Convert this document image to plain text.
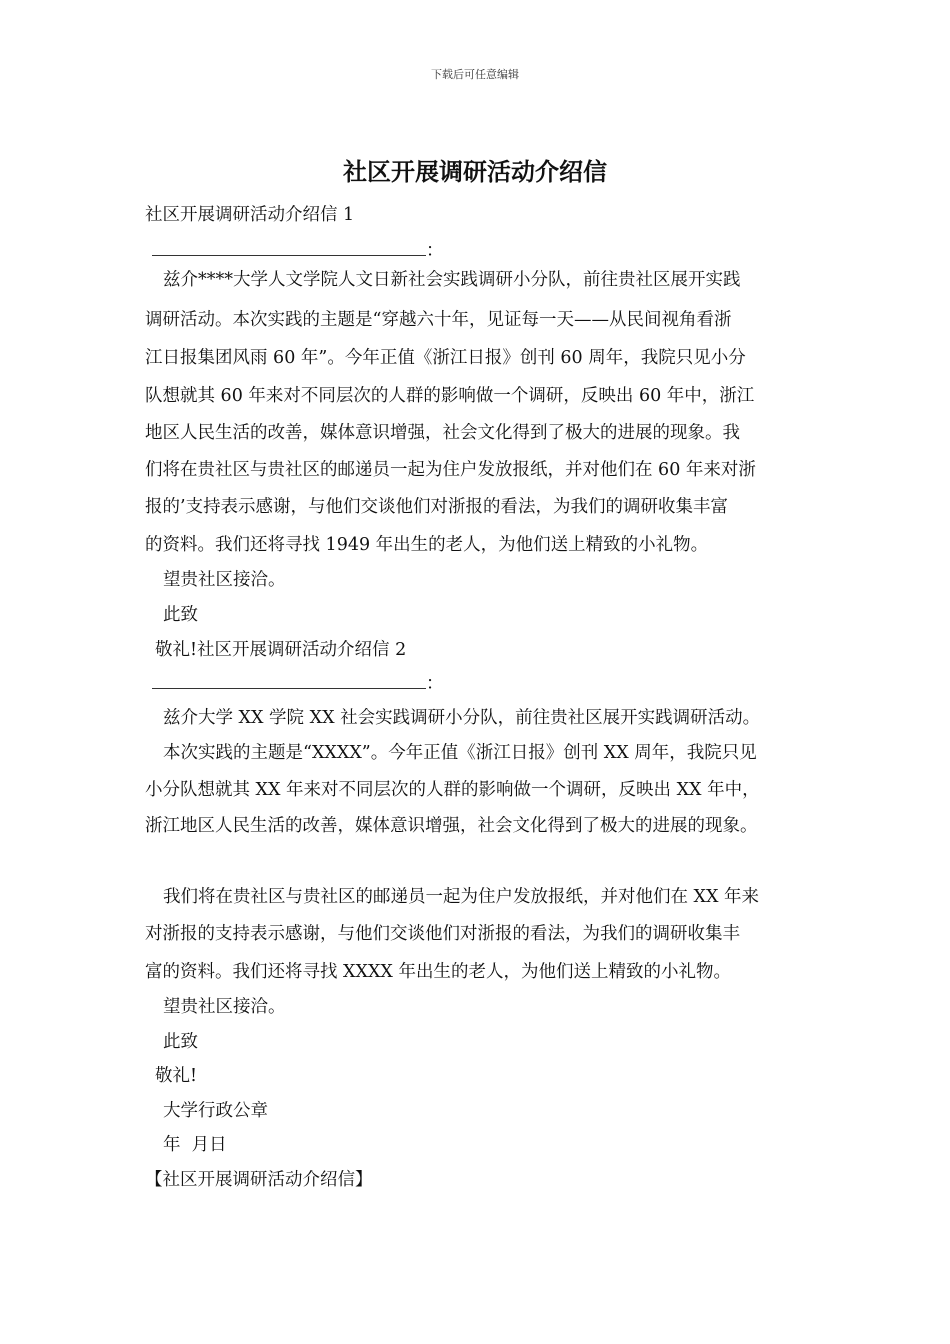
下载后可任意编辑
社区开展调研活动介绍信
社区开展调研活动介绍信 1
：
兹介****大学人文学院人文日新社会实践调研小分队，前往贵社区展开实践
调研活动。本次实践的主题是“穿越六十年，见证每一天——从民间视角看浙
江日报集团风雨 60 年”。今年正值《浙江日报》创刊 60 周年，我院只见小分
队想就其 60 年来对不同层次的人群的影响做一个调研，反映出 60 年中，浙江
地区人民生活的改善，媒体意识增强，社会文化得到了极大的进展的现象。我
们将在贵社区与贵社区的邮递员一起为住户发放报纸，并对他们在 60 年来对浙
报的’支持表示感谢，与他们交谈他们对浙报的看法，为我们的调研收集丰富
的资料。我们还将寻找 1949 年出生的老人，为他们送上精致的小礼物。
望贵社区接洽。
此致
敬礼!社区开展调研活动介绍信 2
：
兹介大学 XX 学院 XX 社会实践调研小分队，前往贵社区展开实践调研活动。
本次实践的主题是“XXXX”。今年正值《浙江日报》创刊 XX 周年，我院只见
小分队想就其 XX 年来对不同层次的人群的影响做一个调研，反映出 XX 年中，
浙江地区人民生活的改善，媒体意识增强，社会文化得到了极大的进展的现象。
我们将在贵社区与贵社区的邮递员一起为住户发放报纸，并对他们在 XX 年来
对浙报的支持表示感谢，与他们交谈他们对浙报的看法，为我们的调研收集丰
富的资料。我们还将寻找 XXXX 年出生的老人，为他们送上精致的小礼物。
望贵社区接洽。
此致
敬礼!
大学行政公章
年  月日
【社区开展调研活动介绍信】
